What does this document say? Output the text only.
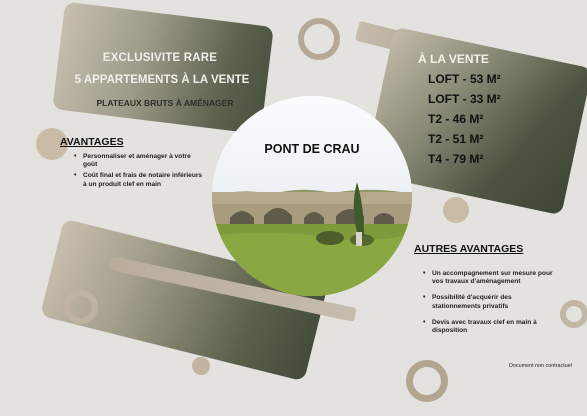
EXCLUSIVITE RARE
5 APPARTEMENTS À LA VENTE
PLATEAUX BRUTS À AMÉNAGER
À LA VENTE
LOFT - 53 M²
LOFT - 33 M²
T2 - 46 M²
T2 - 51 M²
T4 - 79 M²
PONT DE CRAU
AVANTAGES
• Personnaliser et aménager à votre goût
• Coût final et frais de notaire inférieurs à un produit clef en main
AUTRES AVANTAGES
• Un accompagnement sur mesure pour vos travaux d'aménagement
• Possibilité d'acquérir des stationnements privatifs
• Devis avec travaux clef en main à disposition
Document non contractuel
